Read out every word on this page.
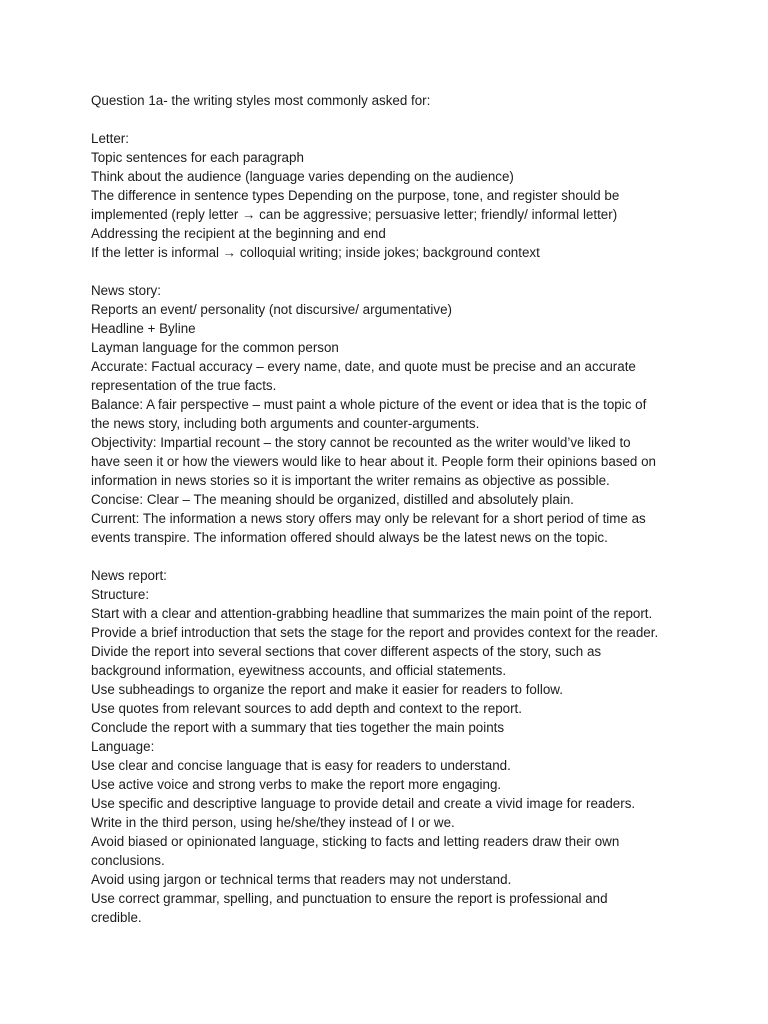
Question 1a- the writing styles most commonly asked for:
Letter:
Topic sentences for each paragraph
Think about the audience (language varies depending on the audience)
The difference in sentence types Depending on the purpose, tone, and register should be
implemented (reply letter → can be aggressive; persuasive letter; friendly/ informal letter)
Addressing the recipient at the beginning and end
If the letter is informal → colloquial writing; inside jokes; background context
News story:
Reports an event/ personality (not discursive/ argumentative)
Headline + Byline
Layman language for the common person
Accurate: Factual accuracy – every name, date, and quote must be precise and an accurate
representation of the true facts.
Balance: A fair perspective – must paint a whole picture of the event or idea that is the topic of
the news story, including both arguments and counter-arguments.
Objectivity: Impartial recount – the story cannot be recounted as the writer would’ve liked to
have seen it or how the viewers would like to hear about it. People form their opinions based on
information in news stories so it is important the writer remains as objective as possible.
Concise: Clear – The meaning should be organized, distilled and absolutely plain.
Current: The information a news story offers may only be relevant for a short period of time as
events transpire. The information offered should always be the latest news on the topic.
News report:
Structure:
Start with a clear and attention-grabbing headline that summarizes the main point of the report.
Provide a brief introduction that sets the stage for the report and provides context for the reader.
Divide the report into several sections that cover different aspects of the story, such as
background information, eyewitness accounts, and official statements.
Use subheadings to organize the report and make it easier for readers to follow.
Use quotes from relevant sources to add depth and context to the report.
Conclude the report with a summary that ties together the main points
Language:
Use clear and concise language that is easy for readers to understand.
Use active voice and strong verbs to make the report more engaging.
Use specific and descriptive language to provide detail and create a vivid image for readers.
Write in the third person, using he/she/they instead of I or we.
Avoid biased or opinionated language, sticking to facts and letting readers draw their own
conclusions.
Avoid using jargon or technical terms that readers may not understand.
Use correct grammar, spelling, and punctuation to ensure the report is professional and
credible.
